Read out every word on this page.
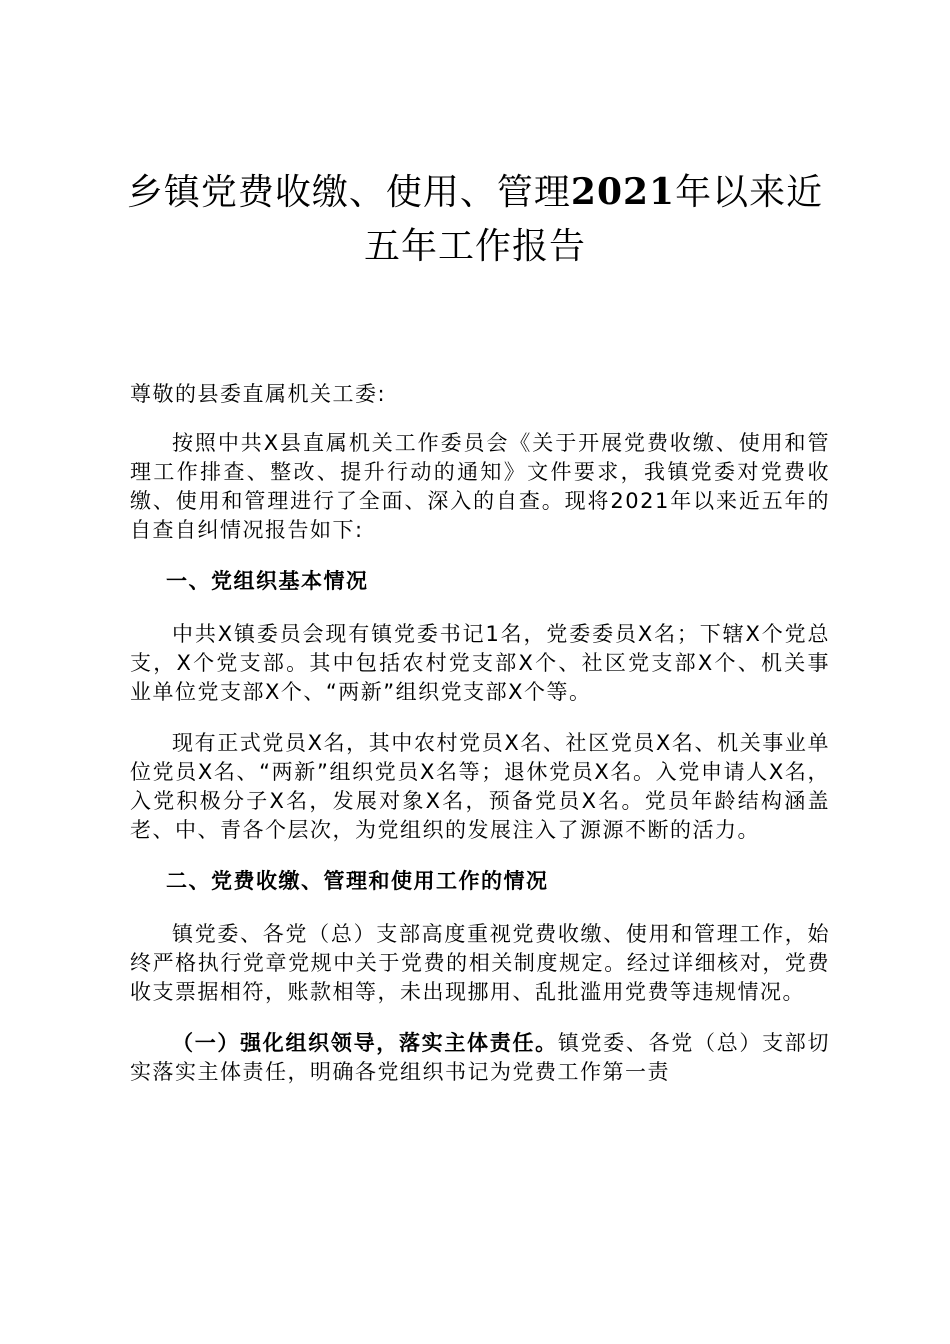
乡镇党费收缴、使用、管理2021年以来近五年工作报告

尊敬的县委直属机关工委:

按照中共X县直属机关工作委员会《关于开展党费收缴、使用和管理工作排查、整改、提升行动的通知》文件要求，我镇党委对党费收缴、使用和管理进行了全面、深入的自查。现将2021年以来近五年的自查自纠情况报告如下:

一、党组织基本情况

中共X镇委员会现有镇党委书记1名，党委委员X名；下辖X个党总支，X个党支部。其中包括农村党支部X个、社区党支部X个、机关事业单位党支部X个、“两新”组织党支部X个等。

现有正式党员X名，其中农村党员X名、社区党员X名、机关事业单位党员X名、“两新”组织党员X名等；退休党员X名。入党申请人X名，入党积极分子X名，发展对象X名，预备党员X名。党员年龄结构涵盖老、中、青各个层次，为党组织的发展注入了源源不断的活力。

二、党费收缴、管理和使用工作的情况

镇党委、各党（总）支部高度重视党费收缴、使用和管理工作，始终严格执行党章党规中关于党费的相关制度规定。经过详细核对，党费收支票据相符，账款相等，未出现挪用、乱批滥用党费等违规情况。

（一）强化组织领导，落实主体责任。镇党委、各党（总）支部切实落实主体责任，明确各党组织书记为党费工作第一责
